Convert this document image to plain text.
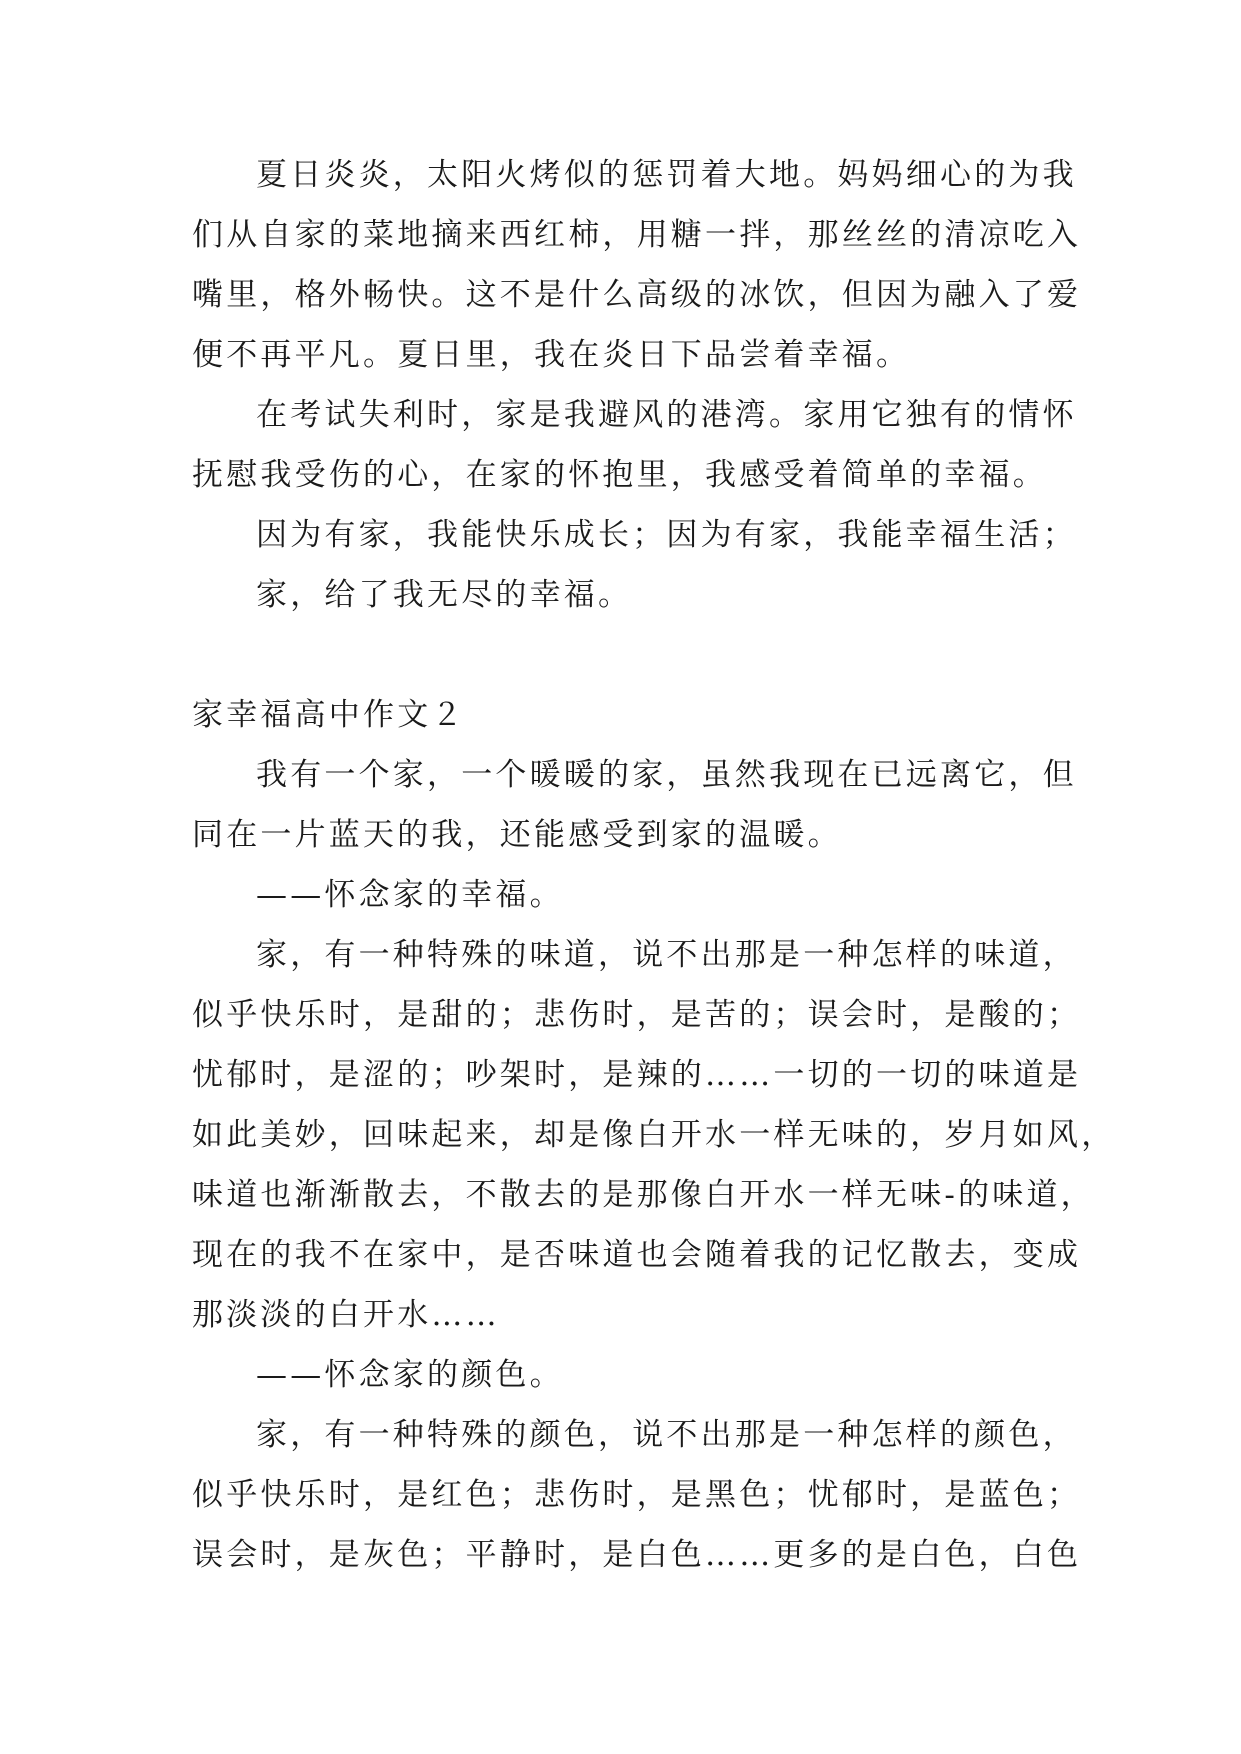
夏日炎炎，太阳火烤似的惩罚着大地。妈妈细心的为我

们从自家的菜地摘来西红柿，用糖一拌，那丝丝的清凉吃入

嘴里，格外畅快。这不是什么高级的冰饮，但因为融入了爱

便不再平凡。夏日里，我在炎日下品尝着幸福。

在考试失利时，家是我避风的港湾。家用它独有的情怀

抚慰我受伤的心，在家的怀抱里，我感受着简单的幸福。

因为有家，我能快乐成长；因为有家，我能幸福生活；

家，给了我无尽的幸福。

家幸福高中作文２

我有一个家，一个暖暖的家，虽然我现在已远离它，但

同在一片蓝天的我，还能感受到家的温暖。

——怀念家的幸福。

家，有一种特殊的味道，说不出那是一种怎样的味道，

似乎快乐时，是甜的；悲伤时，是苦的；误会时，是酸的；

忧郁时，是涩的；吵架时，是辣的……一切的一切的味道是

如此美妙，回味起来，却是像白开水一样无味的，岁月如风，

味道也渐渐散去，不散去的是那像白开水一样无味-的味道，

现在的我不在家中，是否味道也会随着我的记忆散去，变成

那淡淡的白开水……

——怀念家的颜色。

家，有一种特殊的颜色，说不出那是一种怎样的颜色，

似乎快乐时，是红色；悲伤时，是黑色；忧郁时，是蓝色；

误会时，是灰色；平静时，是白色……更多的是白色，白色
